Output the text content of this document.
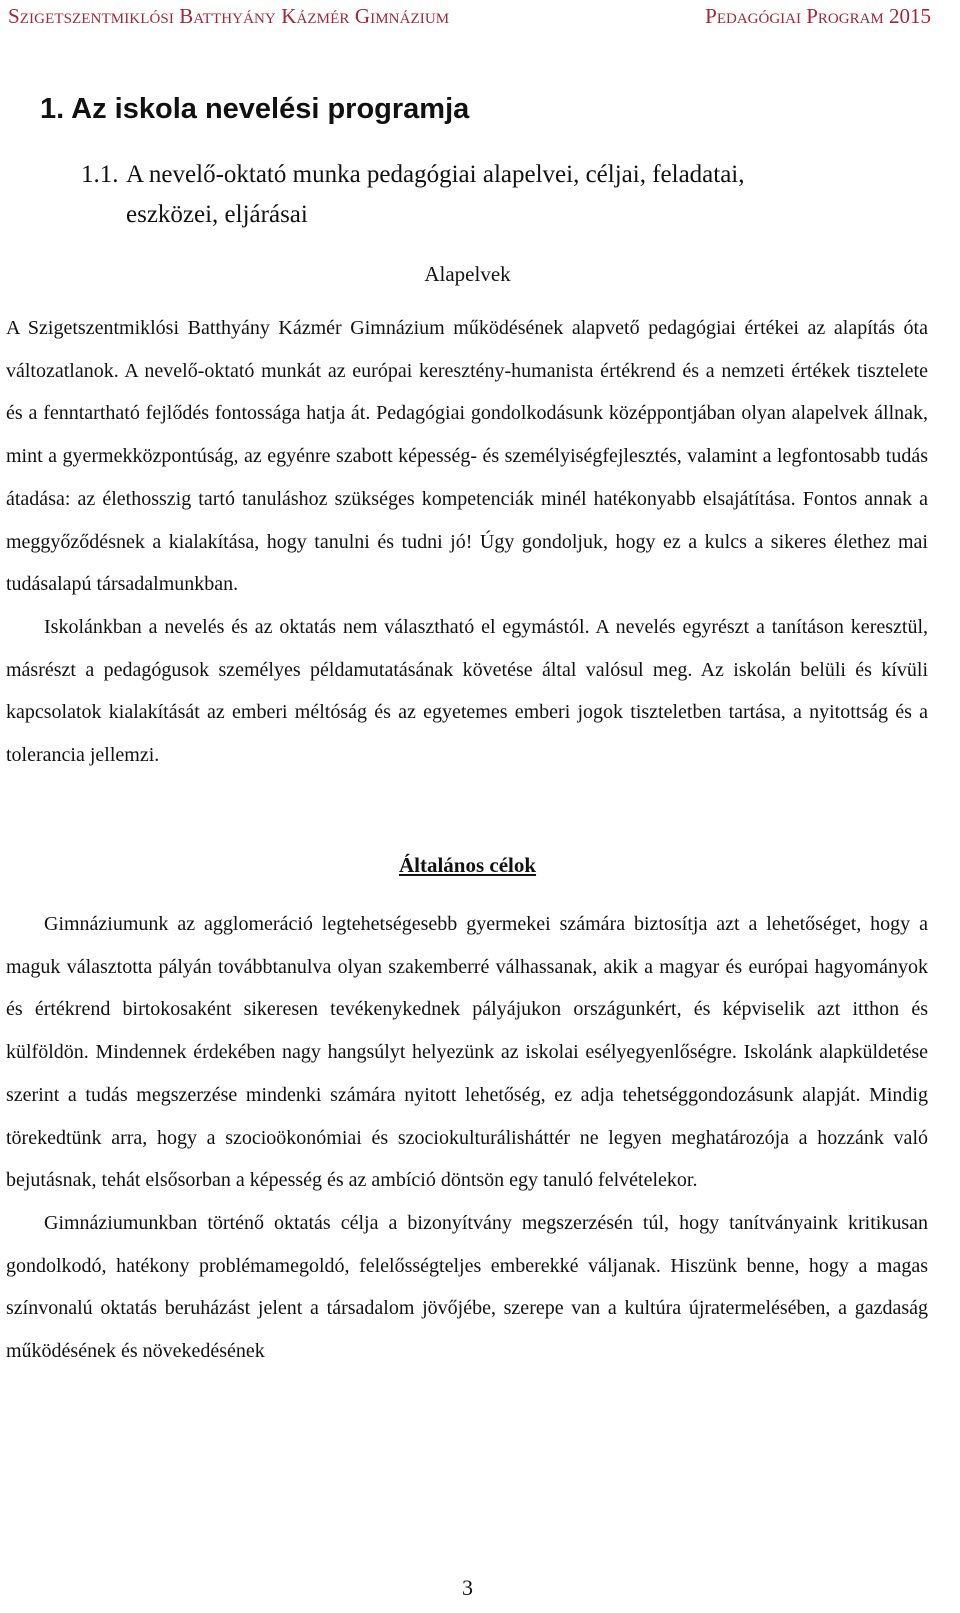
Szigetszentmiklósi Batthyány Kázmér Gimnázium	Pedagógiai Program 2015
1. Az iskola nevelési programja
1.1. A nevelő-oktató munka pedagógiai alapelvei, céljai, feladatai,
eszközei, eljárásai
Alapelvek

A Szigetszentmiklósi Batthyány Kázmér Gimnázium működésének alapvető pedagógiai értékei az alapítás óta változatlanok. A nevelő-oktató munkát az európai keresztény-humanista értékrend és a nemzeti értékek tisztelete és a fenntartható fejlődés fontossága hatja át. Pedagógiai gondolkodásunk középpontjában olyan alapelvek állnak, mint a gyermekközpontúság, az egyénre szabott képesség- és személyiségfejlesztés, valamint a legfontosabb tudás átadása: az élethosszig tartó tanuláshoz szükséges kompetenciák minél hatékonyabb elsajátítása. Fontos annak a meggyőződésnek a kialakítása, hogy tanulni és tudni jó! Úgy gondoljuk, hogy ez a kulcs a sikeres élethez mai tudásalapú társadalmunkban.

Iskolánkban a nevelés és az oktatás nem választható el egymástól. A nevelés egyrészt a tanításon keresztül, másrészt a pedagógusok személyes példamutatásának követése által valósul meg. Az iskolán belüli és kívüli kapcsolatok kialakítását az emberi méltóság és az egyetemes emberi jogok tiszteletben tartása, a nyitottság és a tolerancia jellemzi.

Általános célok

Gimnáziumunk az agglomeráció legtehetségesebb gyermekei számára biztosítja azt a lehetőséget, hogy a maguk választotta pályán továbbtanulva olyan szakemberré válhassanak, akik a magyar és európai hagyományok és értékrend birtokosaként sikeresen tevékenykednek pályájukon országunkért, és képviselik azt itthon és külföldön. Mindennek érdekében nagy hangsúlyt helyezünk az iskolai esélyegyenlőségre. Iskolánk alapküldetése szerint a tudás megszerzése mindenki számára nyitott lehetőség, ez adja tehetséggondozásunk alapját. Mindig törekedtünk arra, hogy a szocioökonómiai és szociokulturálisháttér ne legyen meghatározója a hozzánk való bejutásnak, tehát elsősorban a képesség és az ambíció döntsön egy tanuló felvételekor.

Gimnáziumunkban történő oktatás célja a bizonyítvány megszerzésén túl, hogy tanítványaink kritikusan gondolkodó, hatékony problémamegoldó, felelősségteljes emberekké váljanak. Hiszünk benne, hogy a magas színvonalú oktatás beruházást jelent a társadalom jövőjébe, szerepe van a kultúra újratermelésében, a gazdaság működésének és növekedésének

3
